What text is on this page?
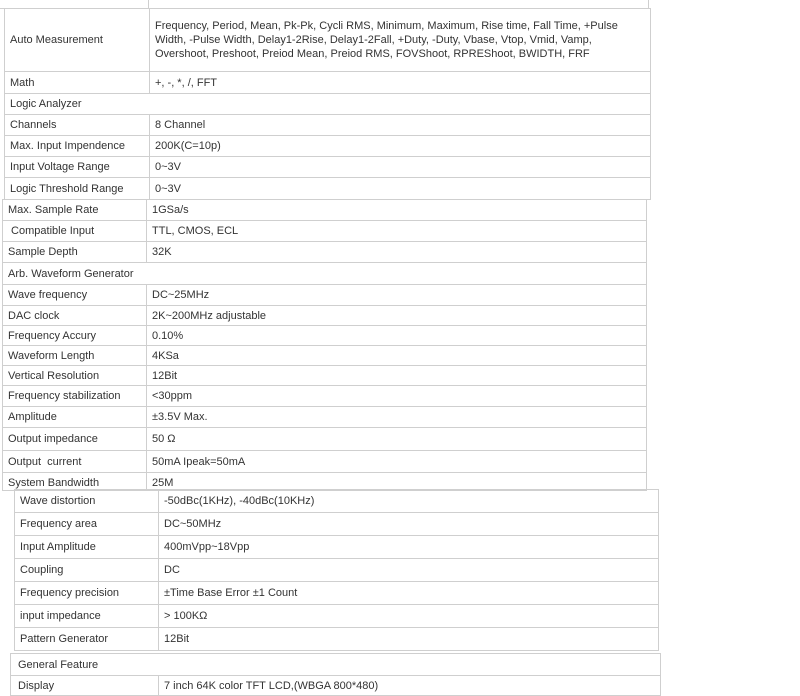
Auto Measurement	Frequency, Period, Mean, Pk-Pk, Cycli RMS, Minimum, Maximum, Rise time, Fall Time, +Pulse Width, -Pulse Width, Delay1-2Rise, Delay1-2Fall, +Duty, -Duty, Vbase, Vtop, Vmid, Vamp, Overshoot, Preshoot, Preiod Mean, Preiod RMS, FOVShoot, RPREShoot, BWIDTH, FRF
Math	+, -, *, /, FFT
Logic Analyzer	
Channels	8 Channel
Max. Input Impendence	200K(C=10p)
Input Voltage Range	0~3V
Logic Threshold Range	0~3V
Max. Sample Rate	1GSa/s
Compatible Input	TTL, CMOS, ECL
Sample Depth	32K
Arb. Waveform Generator	
Wave frequency	DC~25MHz
DAC clock	2K~200MHz adjustable
Frequency Accury	0.10%
Waveform Length	4KSa
Vertical Resolution	12Bit
Frequency stabilization	<30ppm
Amplitude	±3.5V Max.
Output impedance	50 Ω
Output  current	50mA Ipeak=50mA
System Bandwidth	25M
Wave distortion	-50dBc(1KHz), -40dBc(10KHz)
Frequency area	DC~50MHz
Input Amplitude	400mVpp~18Vpp
Coupling	DC
Frequency precision	±Time Base Error ±1 Count
input impedance	> 100KΩ
Pattern Generator	12Bit
General Feature
Display	7 inch 64K color TFT LCD,(WBGA 800*480)
